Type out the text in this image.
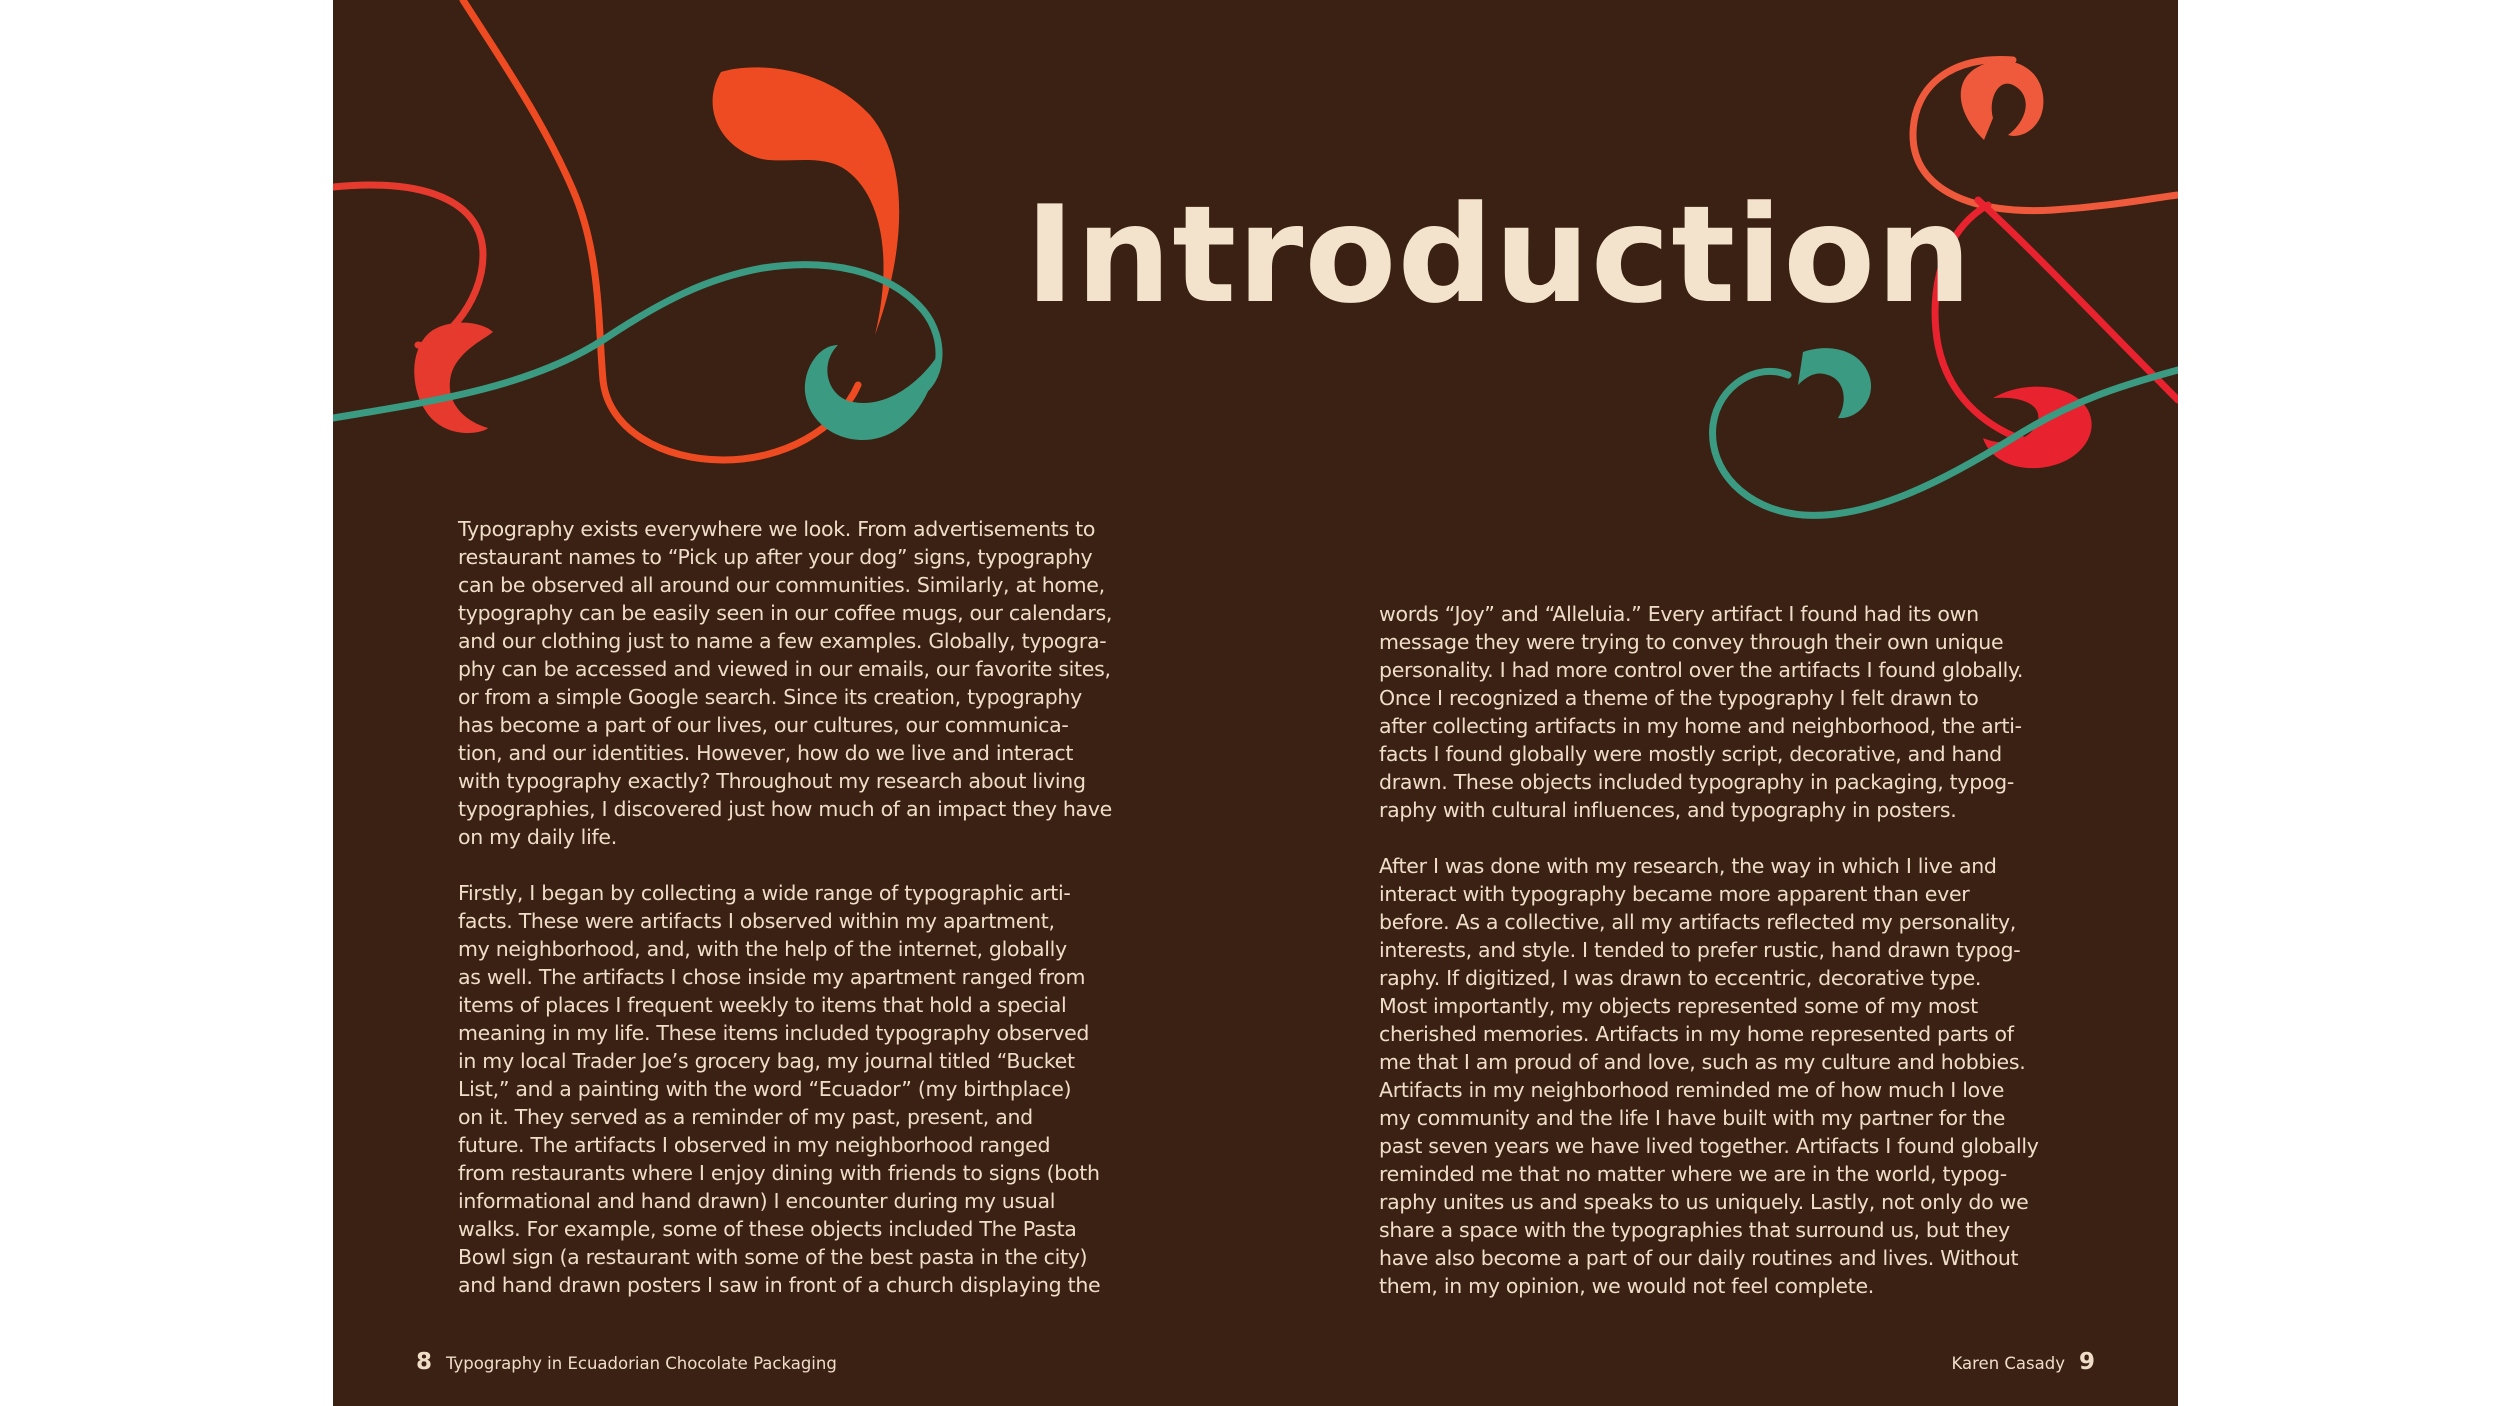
Introduction

Typography exists everywhere we look. From advertisements to
restaurant names to “Pick up after your dog” signs, typography
can be observed all around our communities. Similarly, at home,
typography can be easily seen in our coffee mugs, our calendars,
and our clothing just to name a few examples. Globally, typogra-
phy can be accessed and viewed in our emails, our favorite sites,
or from a simple Google search. Since its creation, typography
has become a part of our lives, our cultures, our communica-
tion, and our identities. However, how do we live and interact
with typography exactly? Throughout my research about living
typographies, I discovered just how much of an impact they have
on my daily life.

Firstly, I began by collecting a wide range of typographic arti-
facts. These were artifacts I observed within my apartment,
my neighborhood, and, with the help of the internet, globally
as well. The artifacts I chose inside my apartment ranged from
items of places I frequent weekly to items that hold a special
meaning in my life. These items included typography observed
in my local Trader Joe’s grocery bag, my journal titled “Bucket
List,” and a painting with the word “Ecuador” (my birthplace)
on it. They served as a reminder of my past, present, and
future. The artifacts I observed in my neighborhood ranged
from restaurants where I enjoy dining with friends to signs (both
informational and hand drawn) I encounter during my usual
walks. For example, some of these objects included The Pasta
Bowl sign (a restaurant with some of the best pasta in the city)
and hand drawn posters I saw in front of a church displaying the

words “Joy” and “Alleluia.” Every artifact I found had its own
message they were trying to convey through their own unique
personality. I had more control over the artifacts I found globally.
Once I recognized a theme of the typography I felt drawn to
after collecting artifacts in my home and neighborhood, the arti-
facts I found globally were mostly script, decorative, and hand
drawn. These objects included typography in packaging, typog-
raphy with cultural influences, and typography in posters.

After I was done with my research, the way in which I live and
interact with typography became more apparent than ever
before. As a collective, all my artifacts reflected my personality,
interests, and style. I tended to prefer rustic, hand drawn typog-
raphy. If digitized, I was drawn to eccentric, decorative type.
Most importantly, my objects represented some of my most
cherished memories. Artifacts in my home represented parts of
me that I am proud of and love, such as my culture and hobbies.
Artifacts in my neighborhood reminded me of how much I love
my community and the life I have built with my partner for the
past seven years we have lived together. Artifacts I found globally
reminded me that no matter where we are in the world, typog-
raphy unites us and speaks to us uniquely. Lastly, not only do we
share a space with the typographies that surround us, but they
have also become a part of our daily routines and lives. Without
them, in my opinion, we would not feel complete.

8 Typography in Ecuadorian Chocolate Packaging	Karen Casady 9
